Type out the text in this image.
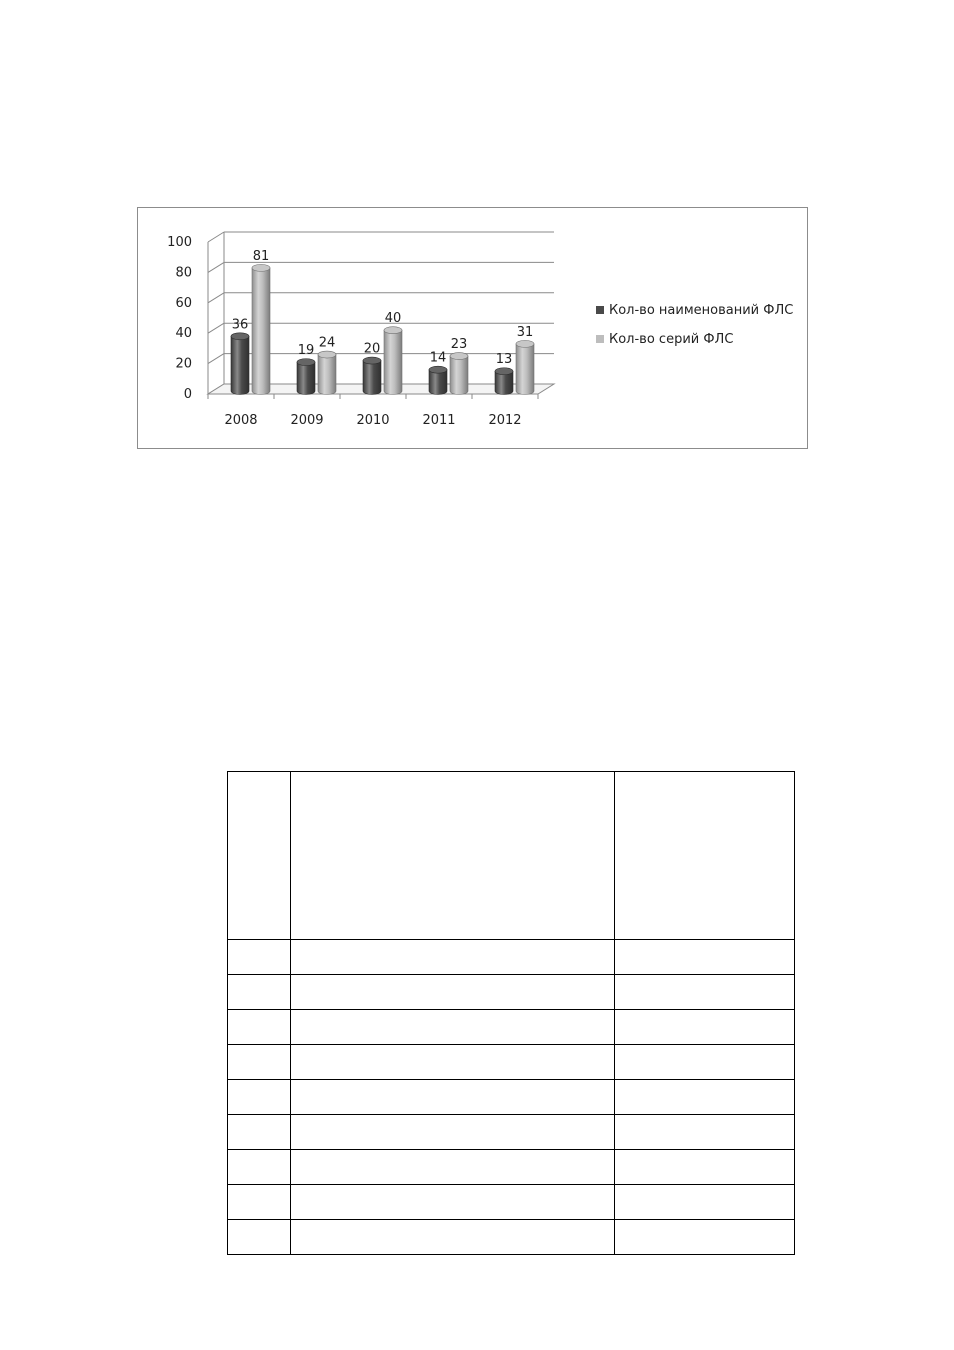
0
20
40
60
80
100
36
81
2008
19
24
2009
20
40
2010
14
23
2011
13
31
2012
Кол-во наименований ФЛС
Кол-во серий ФЛС
